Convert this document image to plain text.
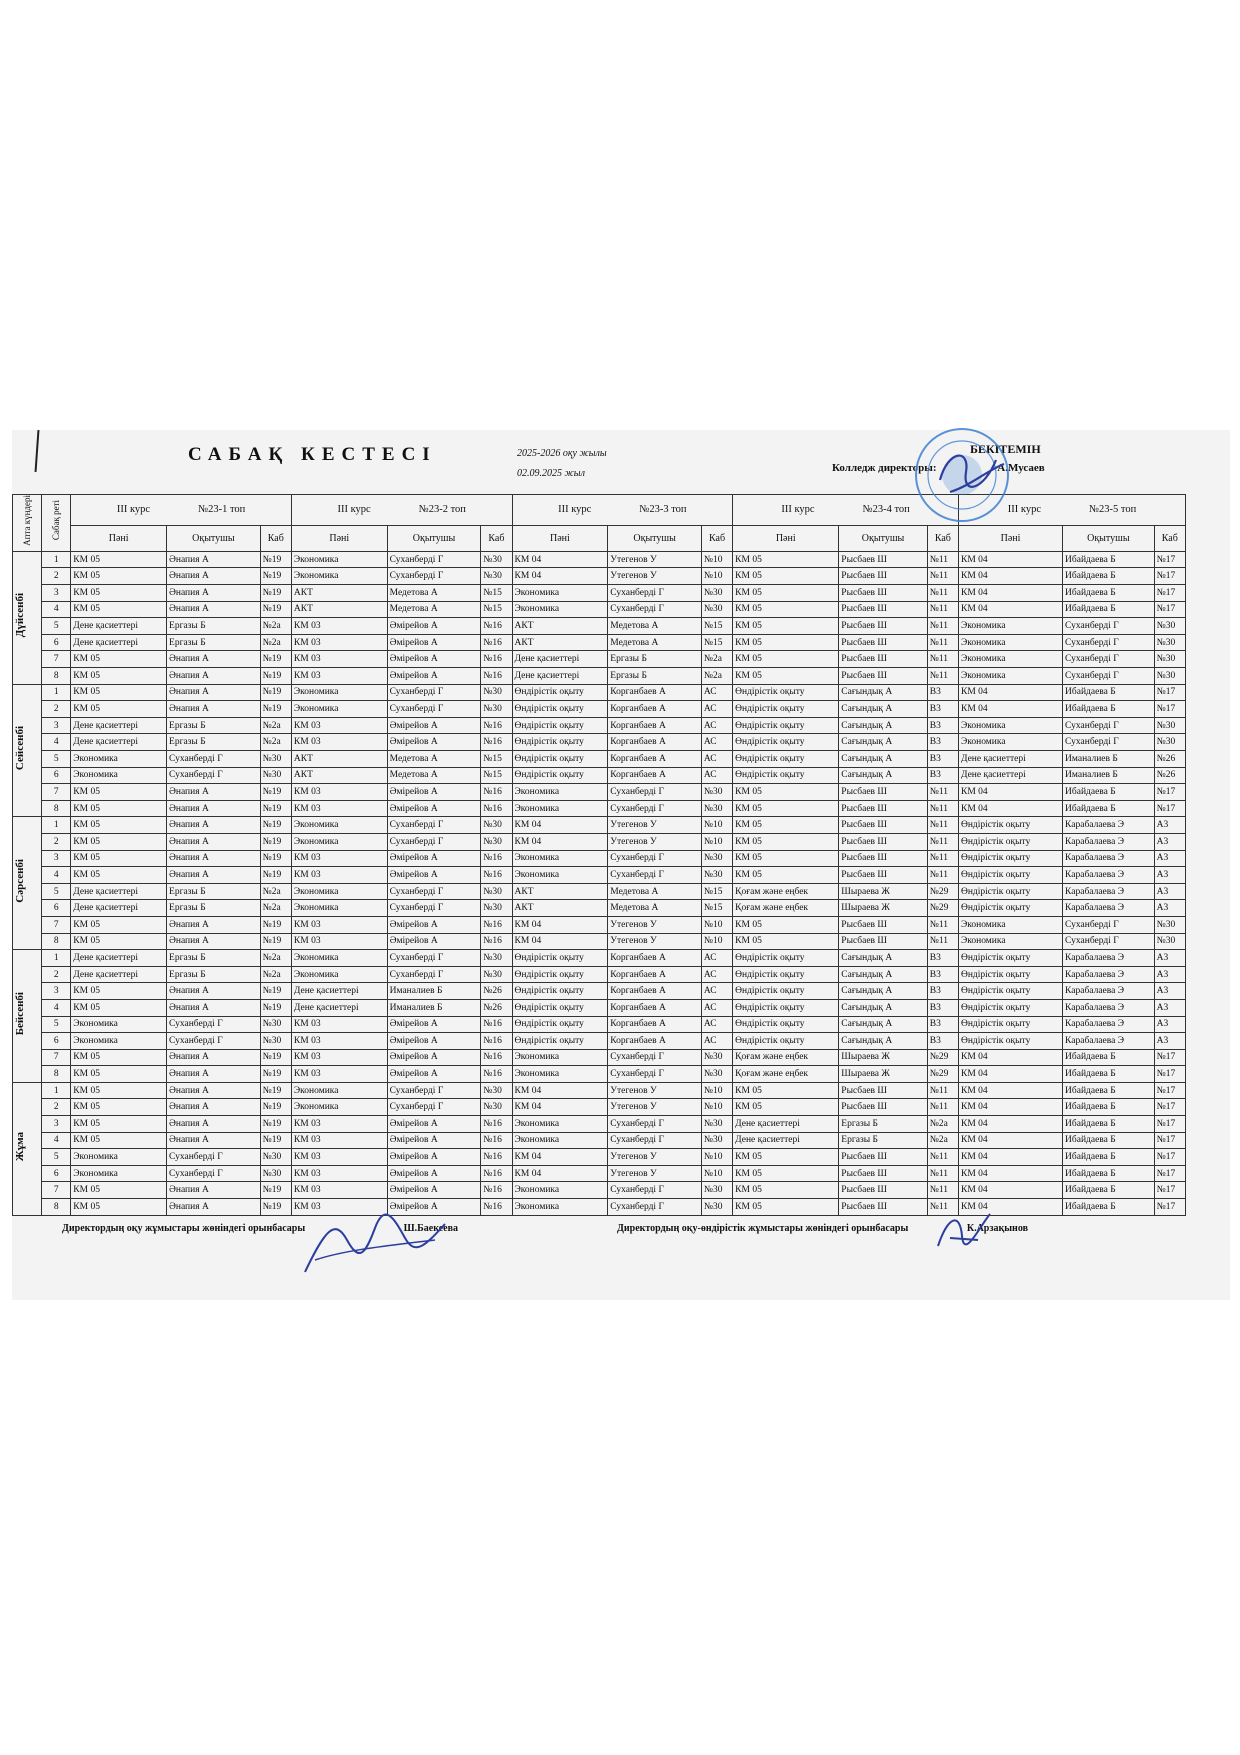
САБАҚ КЕСТЕСІ	2025-2026 оқу жылы
02.09.2025 жыл
БЕКІТЕМІН
Колледж директоры:	А.Мусаев
Апта күндері	Сабақ реті	III курс №23-1 топ			III курс №23-2 топ			III курс №23-3 топ			III курс №23-4 топ			III курс №23-5 топ		
		Пәні	Оқытушы	Каб	Пәні	Оқытушы	Каб	Пәні	Оқытушы	Каб	Пәні	Оқытушы	Каб	Пәні	Оқытушы	Каб
Дүйсенбі	1	КМ 05	Әнапия А	№19	Экономика	Суханберді Г	№30	КМ 04	Утегенов У	№10	КМ 05	Рысбаев Ш	№11	КМ 04	Ибайдаева Б	№17
	2	КМ 05	Әнапия А	№19	Экономика	Суханберді Г	№30	КМ 04	Утегенов У	№10	КМ 05	Рысбаев Ш	№11	КМ 04	Ибайдаева Б	№17
	3	КМ 05	Әнапия А	№19	АКТ	Медетова А	№15	Экономика	Суханберді Г	№30	КМ 05	Рысбаев Ш	№11	КМ 04	Ибайдаева Б	№17
	4	КМ 05	Әнапия А	№19	АКТ	Медетова А	№15	Экономика	Суханберді Г	№30	КМ 05	Рысбаев Ш	№11	КМ 04	Ибайдаева Б	№17
	5	Дене қасиеттері	Ергазы Б	№2а	КМ 03	Әмірейов А	№16	АКТ	Медетова А	№15	КМ 05	Рысбаев Ш	№11	Экономика	Суханберді Г	№30
	6	Дене қасиеттері	Ергазы Б	№2а	КМ 03	Әмірейов А	№16	АКТ	Медетова А	№15	КМ 05	Рысбаев Ш	№11	Экономика	Суханберді Г	№30
	7	КМ 05	Әнапия А	№19	КМ 03	Әмірейов А	№16	Дене қасиеттері	Ергазы Б	№2а	КМ 05	Рысбаев Ш	№11	Экономика	Суханберді Г	№30
	8	КМ 05	Әнапия А	№19	КМ 03	Әмірейов А	№16	Дене қасиеттері	Ергазы Б	№2а	КМ 05	Рысбаев Ш	№11	Экономика	Суханберді Г	№30
Сейсенбі	1	КМ 05	Әнапия А	№19	Экономика	Суханберді Г	№30	Өндірістік оқыту	Корганбаев А	АС	Өндірістік оқыту	Сағындық А	В3	КМ 04	Ибайдаева Б	№17
	2	КМ 05	Әнапия А	№19	Экономика	Суханберді Г	№30	Өндірістік оқыту	Корганбаев А	АС	Өндірістік оқыту	Сағындық А	В3	КМ 04	Ибайдаева Б	№17
	3	Дене қасиеттері	Ергазы Б	№2а	КМ 03	Әмірейов А	№16	Өндірістік оқыту	Корганбаев А	АС	Өндірістік оқыту	Сағындық А	В3	Экономика	Суханберді Г	№30
	4	Дене қасиеттері	Ергазы Б	№2а	КМ 03	Әмірейов А	№16	Өндірістік оқыту	Корганбаев А	АС	Өндірістік оқыту	Сағындық А	В3	Экономика	Суханберді Г	№30
	5	Экономика	Суханберді Г	№30	АКТ	Медетова А	№15	Өндірістік оқыту	Корганбаев А	АС	Өндірістік оқыту	Сағындық А	В3	Дене қасиеттері	Иманалиев Б	№26
	6	Экономика	Суханберді Г	№30	АКТ	Медетова А	№15	Өндірістік оқыту	Корганбаев А	АС	Өндірістік оқыту	Сағындық А	В3	Дене қасиеттері	Иманалиев Б	№26
	7	КМ 05	Әнапия А	№19	КМ 03	Әмірейов А	№16	Экономика	Суханберді Г	№30	КМ 05	Рысбаев Ш	№11	КМ 04	Ибайдаева Б	№17
	8	КМ 05	Әнапия А	№19	КМ 03	Әмірейов А	№16	Экономика	Суханберді Г	№30	КМ 05	Рысбаев Ш	№11	КМ 04	Ибайдаева Б	№17
Сәрсенбі	1	КМ 05	Әнапия А	№19	Экономика	Суханберді Г	№30	КМ 04	Утегенов У	№10	КМ 05	Рысбаев Ш	№11	Өндірістік оқыту	Карабалаева Э	А3
	2	КМ 05	Әнапия А	№19	Экономика	Суханберді Г	№30	КМ 04	Утегенов У	№10	КМ 05	Рысбаев Ш	№11	Өндірістік оқыту	Карабалаева Э	А3
	3	КМ 05	Әнапия А	№19	КМ 03	Әмірейов А	№16	Экономика	Суханберді Г	№30	КМ 05	Рысбаев Ш	№11	Өндірістік оқыту	Карабалаева Э	А3
	4	КМ 05	Әнапия А	№19	КМ 03	Әмірейов А	№16	Экономика	Суханберді Г	№30	КМ 05	Рысбаев Ш	№11	Өндірістік оқыту	Карабалаева Э	А3
	5	Дене қасиеттері	Ергазы Б	№2а	Экономика	Суханберді Г	№30	АКТ	Медетова А	№15	Қоғам және еңбек	Шыраева Ж	№29	Өндірістік оқыту	Карабалаева Э	А3
	6	Дене қасиеттері	Ергазы Б	№2а	Экономика	Суханберді Г	№30	АКТ	Медетова А	№15	Қоғам және еңбек	Шыраева Ж	№29	Өндірістік оқыту	Карабалаева Э	А3
	7	КМ 05	Әнапия А	№19	КМ 03	Әмірейов А	№16	КМ 04	Утегенов У	№10	КМ 05	Рысбаев Ш	№11	Экономика	Суханберді Г	№30
	8	КМ 05	Әнапия А	№19	КМ 03	Әмірейов А	№16	КМ 04	Утегенов У	№10	КМ 05	Рысбаев Ш	№11	Экономика	Суханберді Г	№30
Бейсенбі	1	Дене қасиеттері	Ергазы Б	№2а	Экономика	Суханберді Г	№30	Өндірістік оқыту	Корганбаев А	АС	Өндірістік оқыту	Сағындық А	В3	Өндірістік оқыту	Карабалаева Э	А3
	2	Дене қасиеттері	Ергазы Б	№2а	Экономика	Суханберді Г	№30	Өндірістік оқыту	Корганбаев А	АС	Өндірістік оқыту	Сағындық А	В3	Өндірістік оқыту	Карабалаева Э	А3
	3	КМ 05	Әнапия А	№19	Дене қасиеттері	Иманалиев Б	№26	Өндірістік оқыту	Корганбаев А	АС	Өндірістік оқыту	Сағындық А	В3	Өндірістік оқыту	Карабалаева Э	А3
	4	КМ 05	Әнапия А	№19	Дене қасиеттері	Иманалиев Б	№26	Өндірістік оқыту	Корганбаев А	АС	Өндірістік оқыту	Сағындық А	В3	Өндірістік оқыту	Карабалаева Э	А3
	5	Экономика	Суханберді Г	№30	КМ 03	Әмірейов А	№16	Өндірістік оқыту	Корганбаев А	АС	Өндірістік оқыту	Сағындық А	В3	Өндірістік оқыту	Карабалаева Э	А3
	6	Экономика	Суханберді Г	№30	КМ 03	Әмірейов А	№16	Өндірістік оқыту	Корганбаев А	АС	Өндірістік оқыту	Сағындық А	В3	Өндірістік оқыту	Карабалаева Э	А3
	7	КМ 05	Әнапия А	№19	КМ 03	Әмірейов А	№16	Экономика	Суханберді Г	№30	Қоғам және еңбек	Шыраева Ж	№29	КМ 04	Ибайдаева Б	№17
	8	КМ 05	Әнапия А	№19	КМ 03	Әмірейов А	№16	Экономика	Суханберді Г	№30	Қоғам және еңбек	Шыраева Ж	№29	КМ 04	Ибайдаева Б	№17
Жұма	1	КМ 05	Әнапия А	№19	Экономика	Суханберді Г	№30	КМ 04	Утегенов У	№10	КМ 05	Рысбаев Ш	№11	КМ 04	Ибайдаева Б	№17
	2	КМ 05	Әнапия А	№19	Экономика	Суханберді Г	№30	КМ 04	Утегенов У	№10	КМ 05	Рысбаев Ш	№11	КМ 04	Ибайдаева Б	№17
	3	КМ 05	Әнапия А	№19	КМ 03	Әмірейов А	№16	Экономика	Суханберді Г	№30	Дене қасиеттері	Ергазы Б	№2а	КМ 04	Ибайдаева Б	№17
	4	КМ 05	Әнапия А	№19	КМ 03	Әмірейов А	№16	Экономика	Суханберді Г	№30	Дене қасиеттері	Ергазы Б	№2а	КМ 04	Ибайдаева Б	№17
	5	Экономика	Суханберді Г	№30	КМ 03	Әмірейов А	№16	КМ 04	Утегенов У	№10	КМ 05	Рысбаев Ш	№11	КМ 04	Ибайдаева Б	№17
	6	Экономика	Суханберді Г	№30	КМ 03	Әмірейов А	№16	КМ 04	Утегенов У	№10	КМ 05	Рысбаев Ш	№11	КМ 04	Ибайдаева Б	№17
	7	КМ 05	Әнапия А	№19	КМ 03	Әмірейов А	№16	Экономика	Суханберді Г	№30	КМ 05	Рысбаев Ш	№11	КМ 04	Ибайдаева Б	№17
	8	КМ 05	Әнапия А	№19	КМ 03	Әмірейов А	№16	Экономика	Суханберді Г	№30	КМ 05	Рысбаев Ш	№11	КМ 04	Ибайдаева Б	№17
Директордың оқу жұмыстары жөніндегі орынбасары	Ш.Баекеева	Директордың оқу-өндірістік жұмыстары жөніндегі орынбасары	К.Арзақынов
